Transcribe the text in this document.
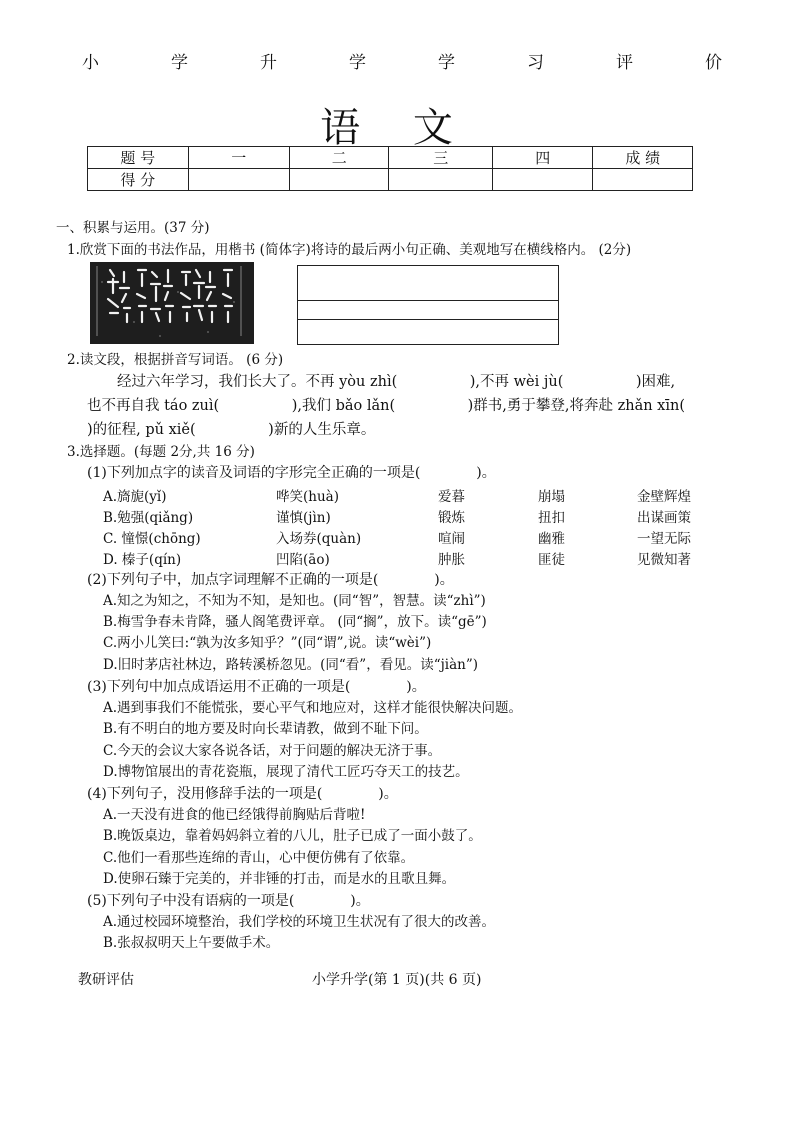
小	学	升	学	学	习	评	价
语 文
题 号	一	二	三	四	成 绩
得 分					
一、积累与运用。(37 分)
1.欣赏下面的书法作品，用楷书 (简体字)将诗的最后两小句正确、美观地写在横线格内。 (2分)
2.读文段，根据拼音写词语。 (6 分)
经过六年学习，我们长大了。不再 yòu zhì(　　　　　),不再 wèi jù(　　　　　)困难,
也不再自我 táo zuì(　　　　　),我们 bǎo lǎn(　　　　　)群书,勇于攀登,将奔赴 zhǎn xīn(
)的征程, pǔ xiě(　　　　　)新的人生乐章。
3.选择题。(每题 2分,共 16 分)
(1)下列加点字的读音及词语的字形完全正确的一项是(　　　　)。
A.旖旎(yǐ)	哗笑(huà)	爱暮	崩塌	金壁辉煌
B.勉强(qiǎng)	谨慎(jìn)	锻炼	扭扣	出谋画策
C. 憧憬(chōng)	入场券(quàn)	喧闹	幽雅	一望无际
D. 榛子(qín)	凹陷(āo)	肿胀	匪徒	见微知著
(2)下列句子中，加点字词理解不正确的一项是(　　　　)。
A.知之为知之，不知为不知，是知也。(同“智”，智慧。读“zhì”)
B.梅雪争春未肯降，骚人阁笔费评章。 (同“搁”，放下。读“gē”)
C.两小儿笑曰:“孰为汝多知乎？”(同“谓”,说。读“wèi”)
D.旧时茅店社林边，路转溪桥忽见。(同“看”，看见。读“jiàn”)
(3)下列句中加点成语运用不正确的一项是(　　　　)。
A.遇到事我们不能慌张，要心平气和地应对，这样才能很快解决问题。
B.有不明白的地方要及时向长辈请教，做到不耻下问。
C.今天的会议大家各说各话，对于问题的解决无济于事。
D.博物馆展出的青花瓷瓶，展现了清代工匠巧夺天工的技艺。
(4)下列句子，没用修辞手法的一项是(　　　　)。
A.一天没有进食的他已经饿得前胸贴后背啦!
B.晚饭桌边，靠着妈妈斜立着的八儿，肚子已成了一面小鼓了。
C.他们一看那些连绵的青山，心中便仿佛有了依靠。
D.使卵石臻于完美的，并非锤的打击，而是水的且歌且舞。
(5)下列句子中没有语病的一项是(　　　　)。
A.通过校园环境整治，我们学校的环境卫生状况有了很大的改善。
B.张叔叔明天上午要做手术。
教研评估	小学升学(第 1 页)(共 6 页)
